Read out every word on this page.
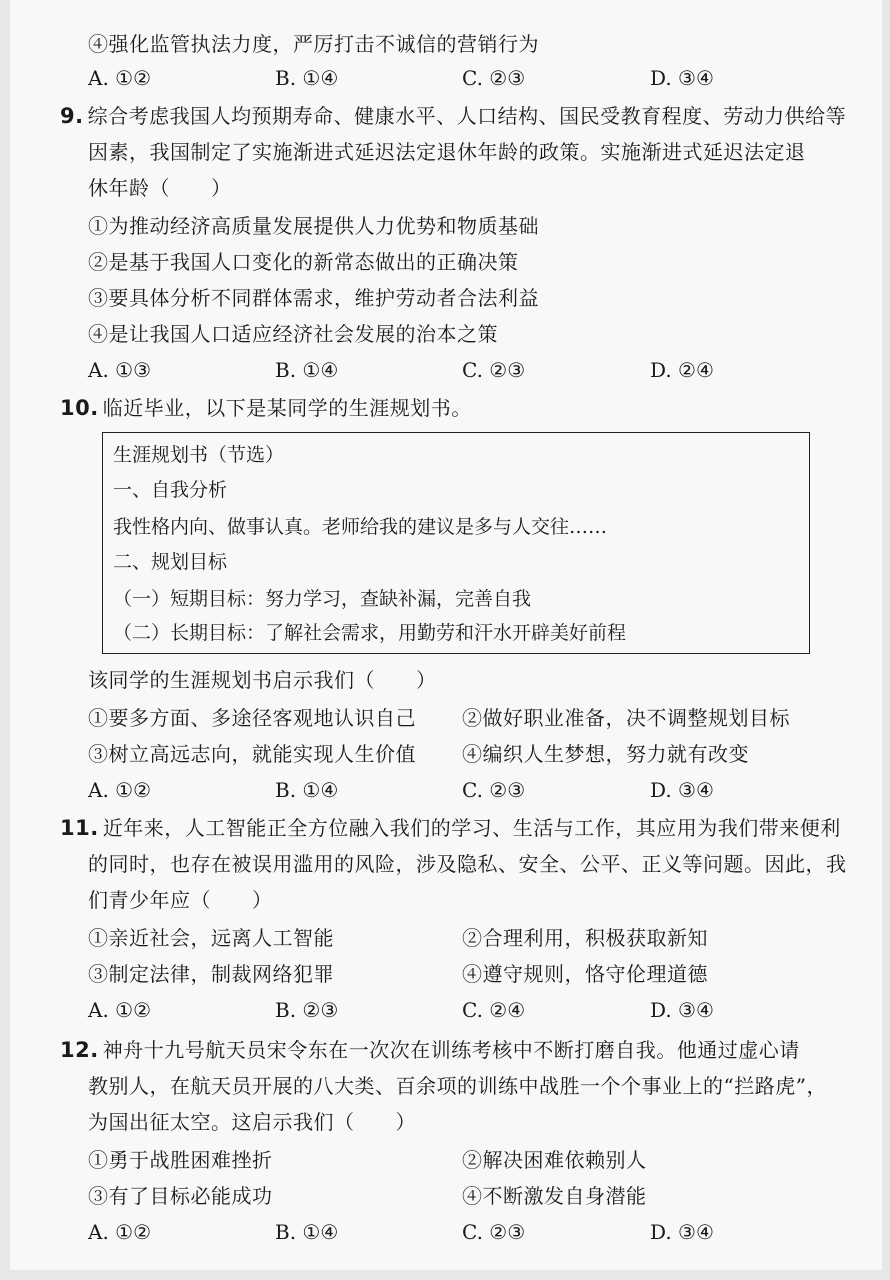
④强化监管执法力度，严厉打击不诚信的营销行为
A. ①②	B. ①④	C. ②③	D. ③④
9. 综合考虑我国人均预期寿命、健康水平、人口结构、国民受教育程度、劳动力供给等
因素，我国制定了实施渐进式延迟法定退休年龄的政策。实施渐进式延迟法定退
休年龄（　　）
①为推动经济高质量发展提供人力优势和物质基础
②是基于我国人口变化的新常态做出的正确决策
③要具体分析不同群体需求，维护劳动者合法利益
④是让我国人口适应经济社会发展的治本之策
A. ①③	B. ①④	C. ②③	D. ②④
10. 临近毕业，以下是某同学的生涯规划书。
生涯规划书（节选）
一、自我分析
我性格内向、做事认真。老师给我的建议是多与人交往……
二、规划目标
（一）短期目标：努力学习，查缺补漏，完善自我
（二）长期目标：了解社会需求，用勤劳和汗水开辟美好前程
该同学的生涯规划书启示我们（　　）
①要多方面、多途径客观地认识自己 ②做好职业准备，决不调整规划目标
③树立高远志向，就能实现人生价值 ④编织人生梦想，努力就有改变
A. ①②	B. ①④	C. ②③	D. ③④
11. 近年来，人工智能正全方位融入我们的学习、生活与工作，其应用为我们带来便利
的同时，也存在被误用滥用的风险，涉及隐私、安全、公平、正义等问题。因此，我
们青少年应（　　）
①亲近社会，远离人工智能	②合理利用，积极获取新知
③制定法律，制裁网络犯罪	④遵守规则，恪守伦理道德
A. ①②	B. ②③	C. ②④	D. ③④
12. 神舟十九号航天员宋令东在一次次在训练考核中不断打磨自我。他通过虚心请
教别人，在航天员开展的八大类、百余项的训练中战胜一个个事业上的“拦路虎”，
为国出征太空。这启示我们（　　）
①勇于战胜困难挫折	②解决困难依赖别人
③有了目标必能成功	④不断激发自身潜能
A. ①②	B. ①④	C. ②③	D. ③④
